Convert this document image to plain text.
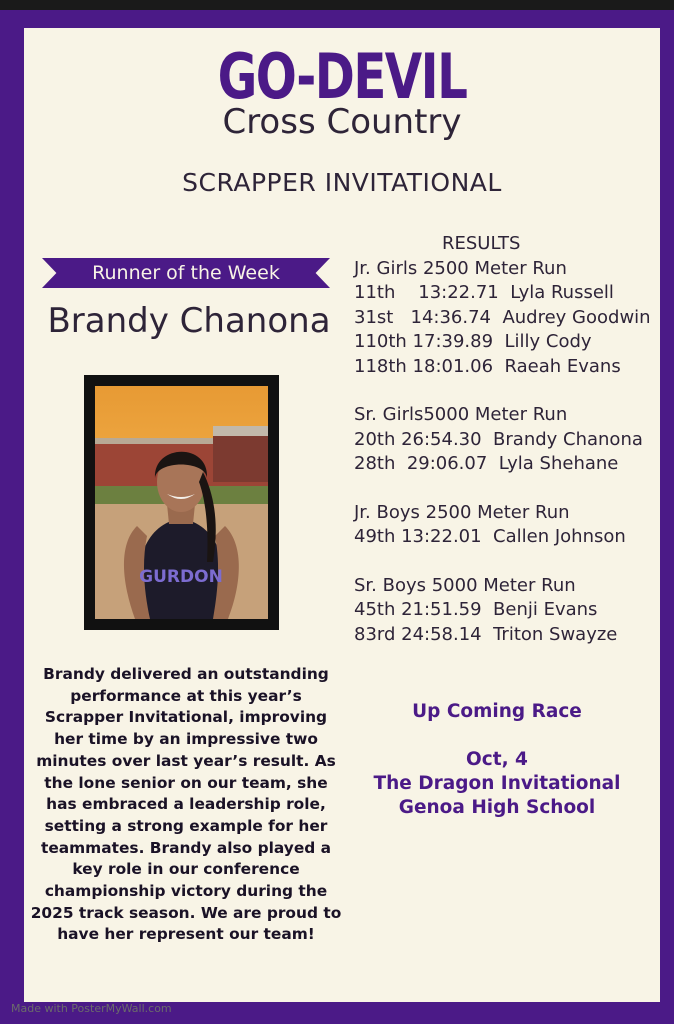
GO-DEVIL
Cross Country
SCRAPPER INVITATIONAL
Runner of the Week
Brandy Chanona
GURDON
Brandy delivered an outstanding performance at this year’s Scrapper Invitational, improving her time by an impressive two minutes over last year’s result. As the lone senior on our team, she has embraced a leadership role, setting a strong example for her teammates. Brandy also played a key role in our conference championship victory during the 2025 track season. We are proud to have her represent our team!
RESULTS
Jr. Girls 2500 Meter Run
11th    13:22.71  Lyla Russell
31st   14:36.74  Audrey Goodwin
110th 17:39.89  Lilly Cody
118th 18:01.06  Raeah Evans
Sr. Girls5000 Meter Run
20th 26:54.30  Brandy Chanona
28th  29:06.07  Lyla Shehane
Jr. Boys 2500 Meter Run
49th 13:22.01  Callen Johnson
Sr. Boys 5000 Meter Run
45th 21:51.59  Benji Evans
83rd 24:58.14  Triton Swayze
Up Coming Race
Oct, 4
The Dragon Invitational
Genoa High School
Made with PosterMyWall.com
